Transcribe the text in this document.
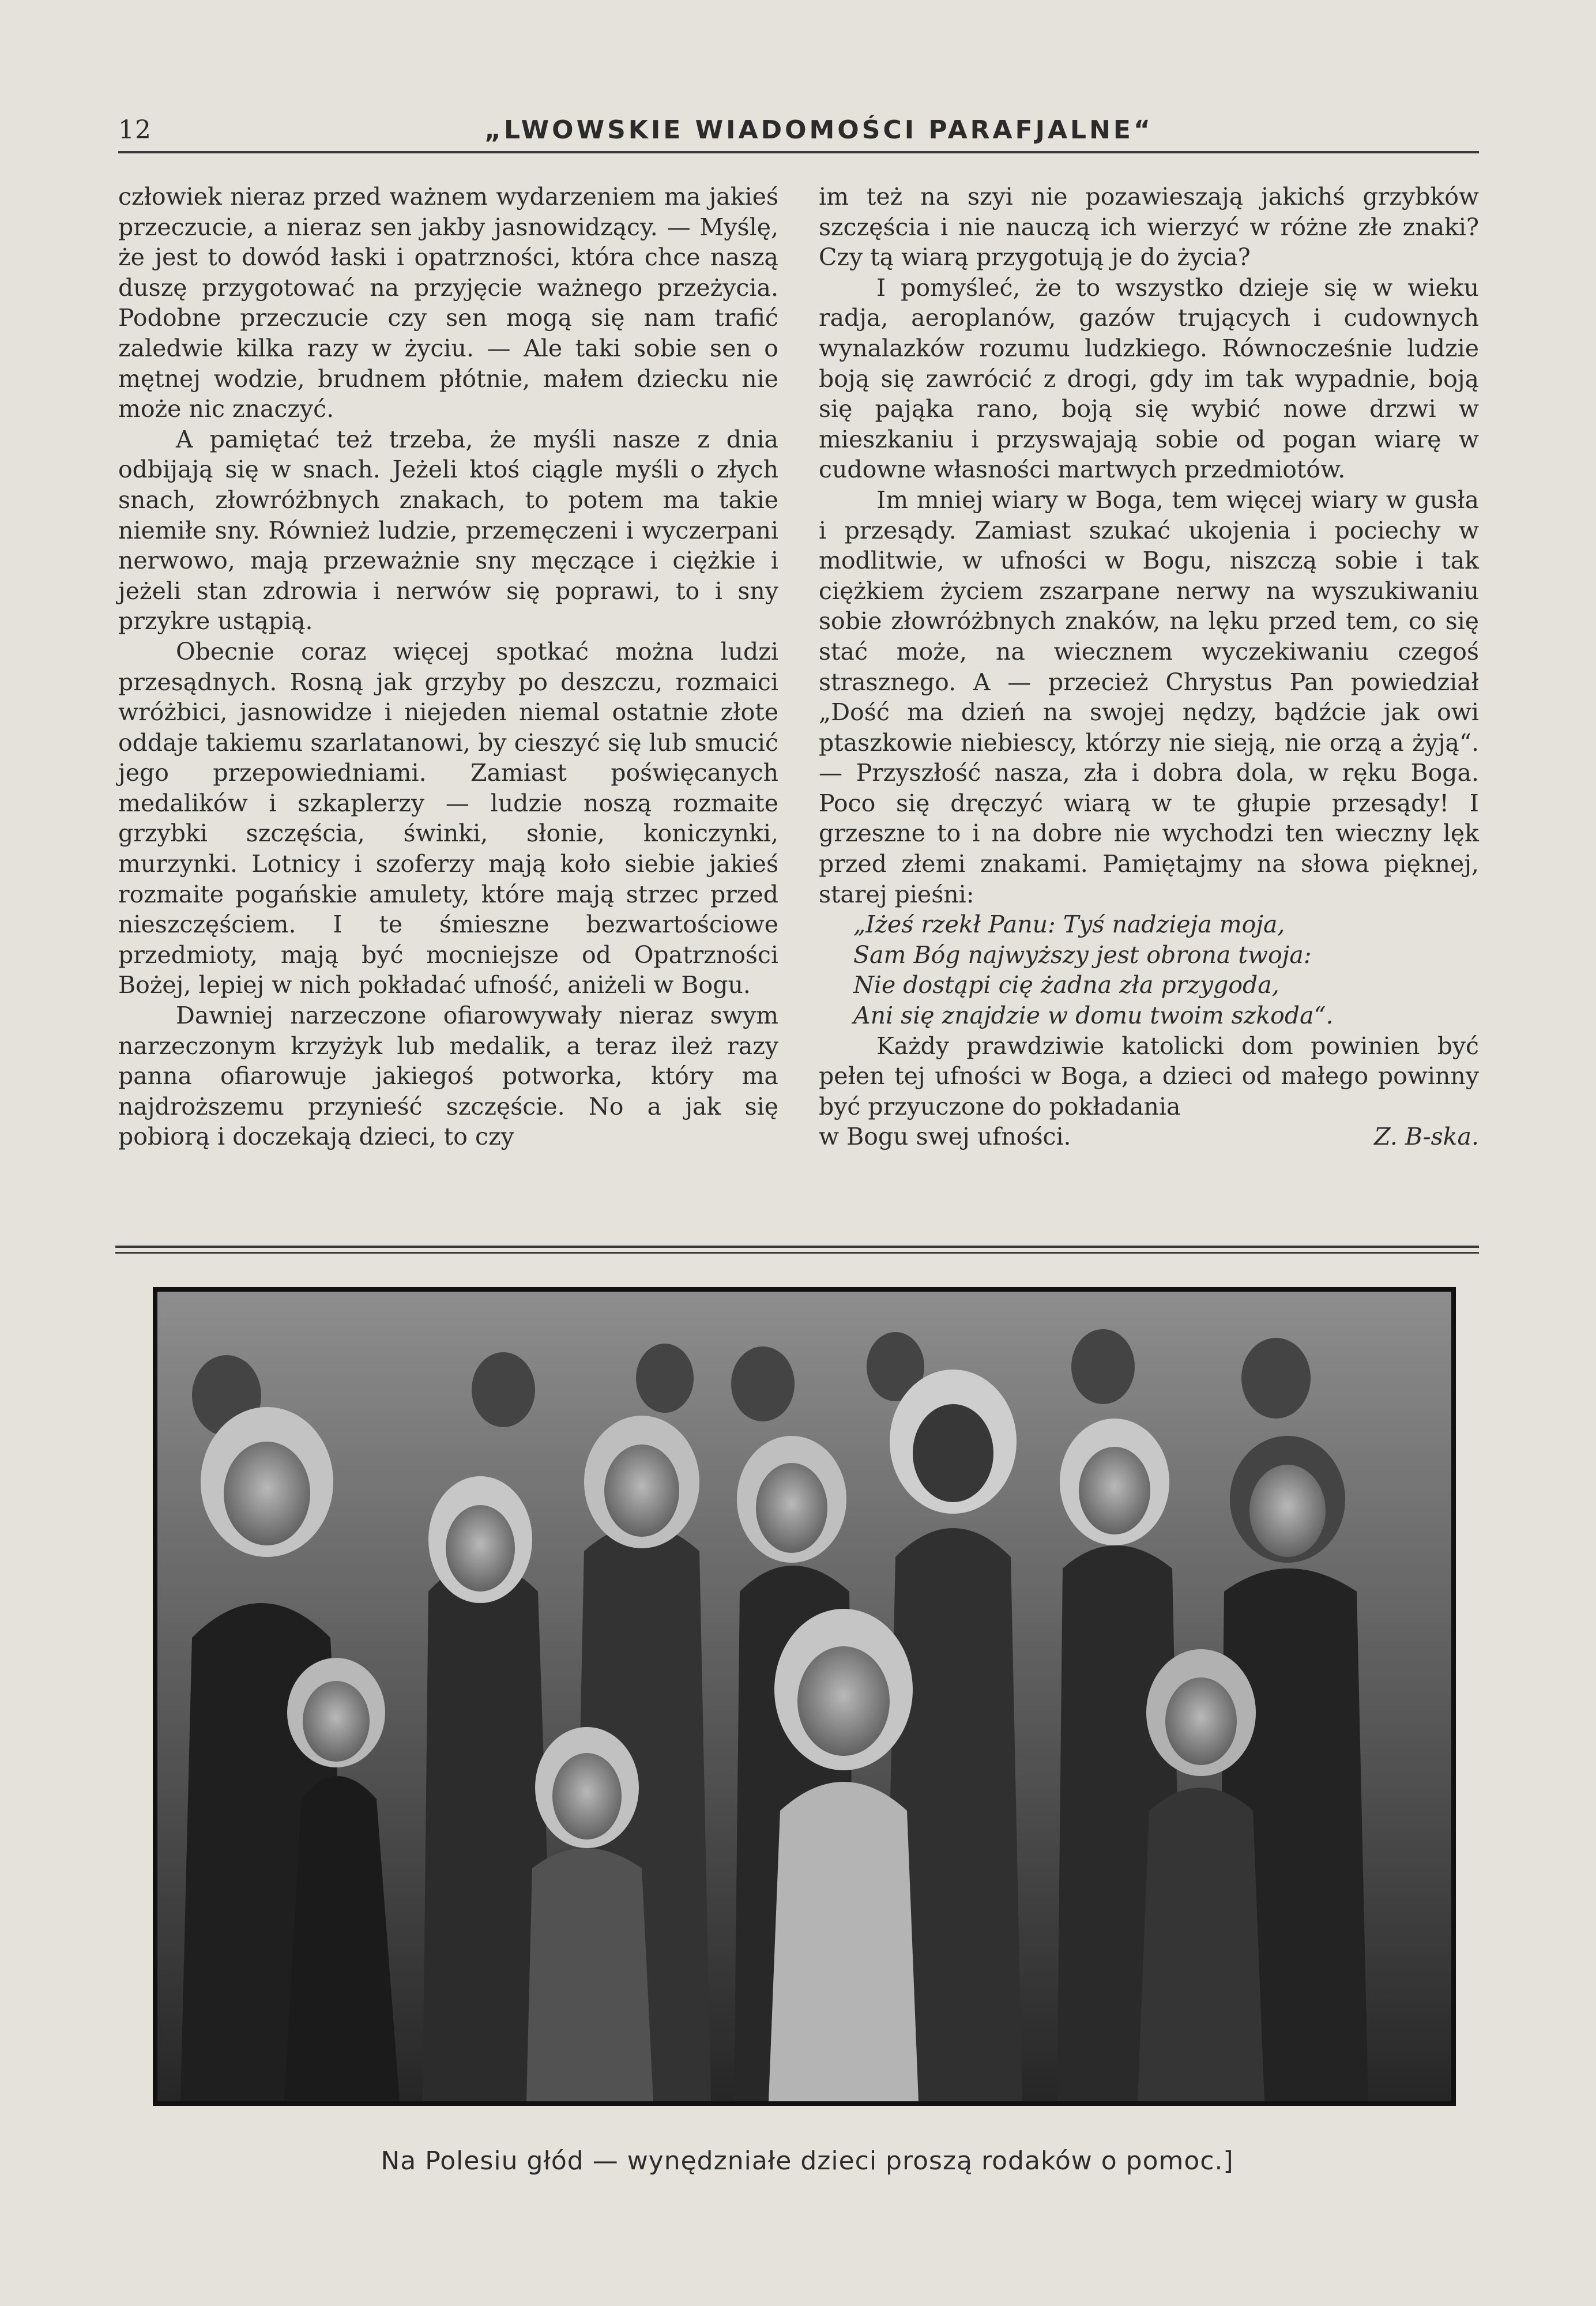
12	„LWOWSKIE WIADOMOŚCI PARAFJALNE“

człowiek nieraz przed ważnem wydarzeniem ma jakieś przeczucie, a nieraz sen jakby jasnowidzący. — Myślę, że jest to dowód łaski i opatrzności, która chce naszą duszę przygotować na przyjęcie ważnego przeżycia. Podobne przeczucie czy sen mogą się nam trafić zaledwie kilka razy w życiu. — Ale taki sobie sen o mętnej wodzie, brudnem płótnie, małem dziecku nie może nic znaczyć.

A pamiętać też trzeba, że myśli nasze z dnia odbijają się w snach. Jeżeli ktoś ciągle myśli o złych snach, złowróżbnych znakach, to potem ma takie niemiłe sny. Również ludzie, przemęczeni i wyczerpani nerwowo, mają przeważnie sny męczące i ciężkie i jeżeli stan zdrowia i nerwów się poprawi, to i sny przykre ustąpią.

Obecnie coraz więcej spotkać można ludzi przesądnych. Rosną jak grzyby po deszczu, rozmaici wróżbici, jasnowidze i niejeden niemal ostatnie złote oddaje takiemu szarlatanowi, by cieszyć się lub smucić jego przepowiedniami. Zamiast poświęcanych medalików i szkaplerzy — ludzie noszą rozmaite grzybki szczęścia, świnki, słonie, koniczynki, murzynki. Lotnicy i szoferzy mają koło siebie jakieś rozmaite pogańskie amulety, które mają strzec przed nieszczęściem. I te śmieszne bezwartościowe przedmioty, mają być mocniejsze od Opatrzności Bożej, lepiej w nich pokładać ufność, aniżeli w Bogu.

Dawniej narzeczone ofiarowywały nieraz swym narzeczonym krzyżyk lub medalik, a teraz ileż razy panna ofiarowuje jakiegoś potworka, który ma najdroższemu przynieść szczęście. No a jak się pobiorą i doczekają dzieci, to czy

im też na szyi nie pozawieszają jakichś grzybków szczęścia i nie nauczą ich wierzyć w różne złe znaki? Czy tą wiarą przygotują je do życia?

I pomyśleć, że to wszystko dzieje się w wieku radja, aeroplanów, gazów trujących i cudownych wynalazków rozumu ludzkiego. Równocześnie ludzie boją się zawrócić z drogi, gdy im tak wypadnie, boją się pająka rano, boją się wybić nowe drzwi w mieszkaniu i przyswajają sobie od pogan wiarę w cudowne własności martwych przedmiotów.

Im mniej wiary w Boga, tem więcej wiary w gusła i przesądy. Zamiast szukać ukojenia i pociechy w modlitwie, w ufności w Bogu, niszczą sobie i tak ciężkiem życiem zszarpane nerwy na wyszukiwaniu sobie złowróżbnych znaków, na lęku przed tem, co się stać może, na wiecznem wyczekiwaniu czegoś strasznego. A — przecież Chrystus Pan powiedział „Dość ma dzień na swojej nędzy, bądźcie jak owi ptaszkowie niebiescy, którzy nie sieją, nie orzą a żyją“. — Przyszłość nasza, zła i dobra dola, w ręku Boga. Poco się dręczyć wiarą w te głupie przesądy! I grzeszne to i na dobre nie wychodzi ten wieczny lęk przed złemi znakami. Pamiętajmy na słowa pięknej, starej pieśni:

„Iżeś rzekł Panu: Tyś nadzieja moja,
Sam Bóg najwyższy jest obrona twoja:
Nie dostąpi cię żadna zła przygoda,
Ani się znajdzie w domu twoim szkoda“.

Każdy prawdziwie katolicki dom powinien być pełen tej ufności w Boga, a dzieci od małego powinny być przyuczone do pokładania

w Bogu swej ufności.	Z. B-ska.
Na Polesiu głód — wynędzniałe dzieci proszą rodaków o pomoc.]
